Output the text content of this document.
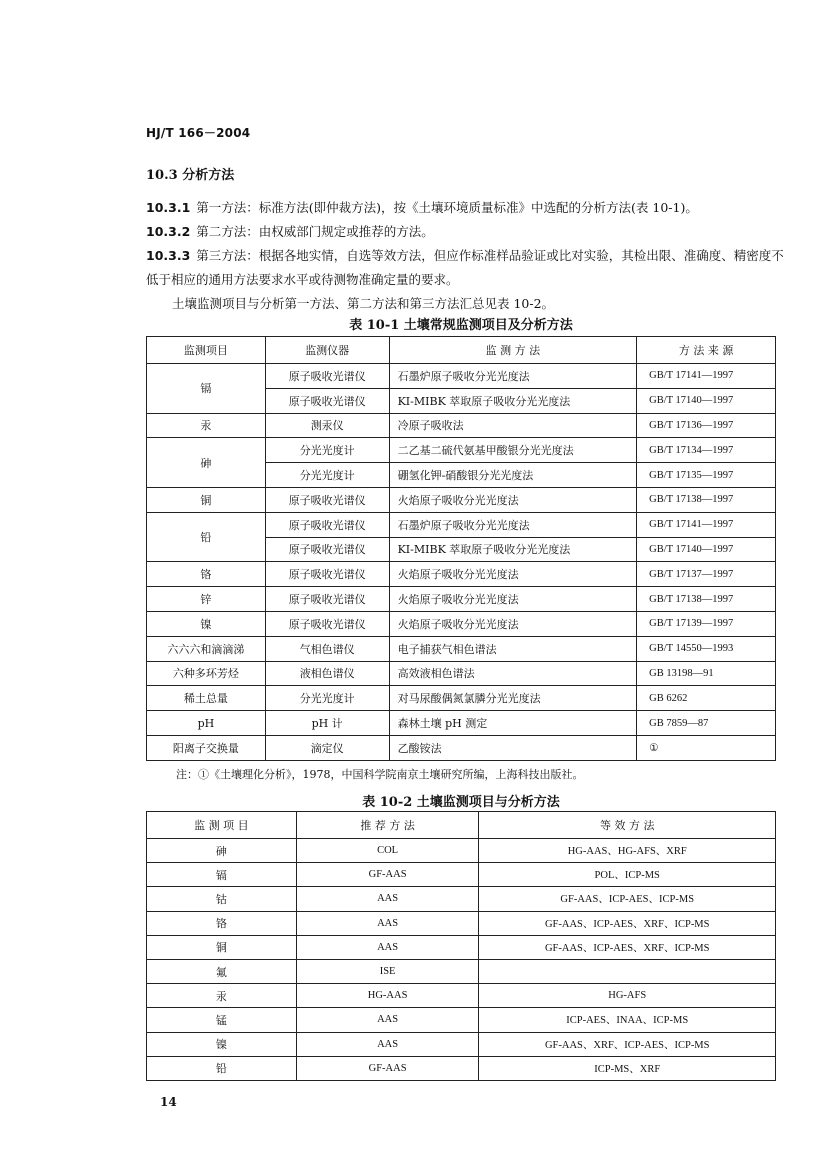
HJ/T 166－2004
10.3 分析方法
10.3.1 第一方法：标准方法(即仲裁方法)，按《土壤环境质量标准》中选配的分析方法(表 10-1)。
10.3.2 第二方法：由权威部门规定或推荐的方法。
10.3.3 第三方法：根据各地实情，自选等效方法，但应作标准样品验证或比对实验，其检出限、准确度、精密度不低于相应的通用方法要求水平或待测物准确定量的要求。
土壤监测项目与分析第一方法、第二方法和第三方法汇总见表 10-2。
表 10-1 土壤常规监测项目及分析方法
监测项目	监测仪器	监 测 方 法	方 法 来 源
镉	原子吸收光谱仪	石墨炉原子吸收分光光度法	GB/T 17141—1997
	原子吸收光谱仪	KI-MIBK 萃取原子吸收分光光度法	GB/T 17140—1997
汞	测汞仪	冷原子吸收法	GB/T 17136—1997
砷	分光光度计	二乙基二硫代氨基甲酸银分光光度法	GB/T 17134—1997
	分光光度计	硼氢化钾-硝酸银分光光度法	GB/T 17135—1997
铜	原子吸收光谱仪	火焰原子吸收分光光度法	GB/T 17138—1997
铅	原子吸收光谱仪	石墨炉原子吸收分光光度法	GB/T 17141—1997
	原子吸收光谱仪	KI-MIBK 萃取原子吸收分光光度法	GB/T 17140—1997
铬	原子吸收光谱仪	火焰原子吸收分光光度法	GB/T 17137—1997
锌	原子吸收光谱仪	火焰原子吸收分光光度法	GB/T 17138—1997
镍	原子吸收光谱仪	火焰原子吸收分光光度法	GB/T 17139—1997
六六六和滴滴涕	气相色谱仪	电子捕获气相色谱法	GB/T 14550—1993
六种多环芳烃	液相色谱仪	高效液相色谱法	GB 13198—91
稀土总量	分光光度计	对马尿酸偶氮氯膦分光光度法	GB 6262
pH	pH 计	森林土壤 pH 测定	GB 7859—87
阳离子交换量	滴定仪	乙酸铵法	①
注：①《土壤理化分析》，1978，中国科学院南京土壤研究所编，上海科技出版社。
表 10-2 土壤监测项目与分析方法
监 测 项 目	推 荐 方 法	等 效 方 法
砷	COL	HG-AAS、HG-AFS、XRF
镉	GF-AAS	POL、ICP-MS
钴	AAS	GF-AAS、ICP-AES、ICP-MS
铬	AAS	GF-AAS、ICP-AES、XRF、ICP-MS
铜	AAS	GF-AAS、ICP-AES、XRF、ICP-MS
氟	ISE	
汞	HG-AAS	HG-AFS
锰	AAS	ICP-AES、INAA、ICP-MS
镍	AAS	GF-AAS、XRF、ICP-AES、ICP-MS
铅	GF-AAS	ICP-MS、XRF
14
